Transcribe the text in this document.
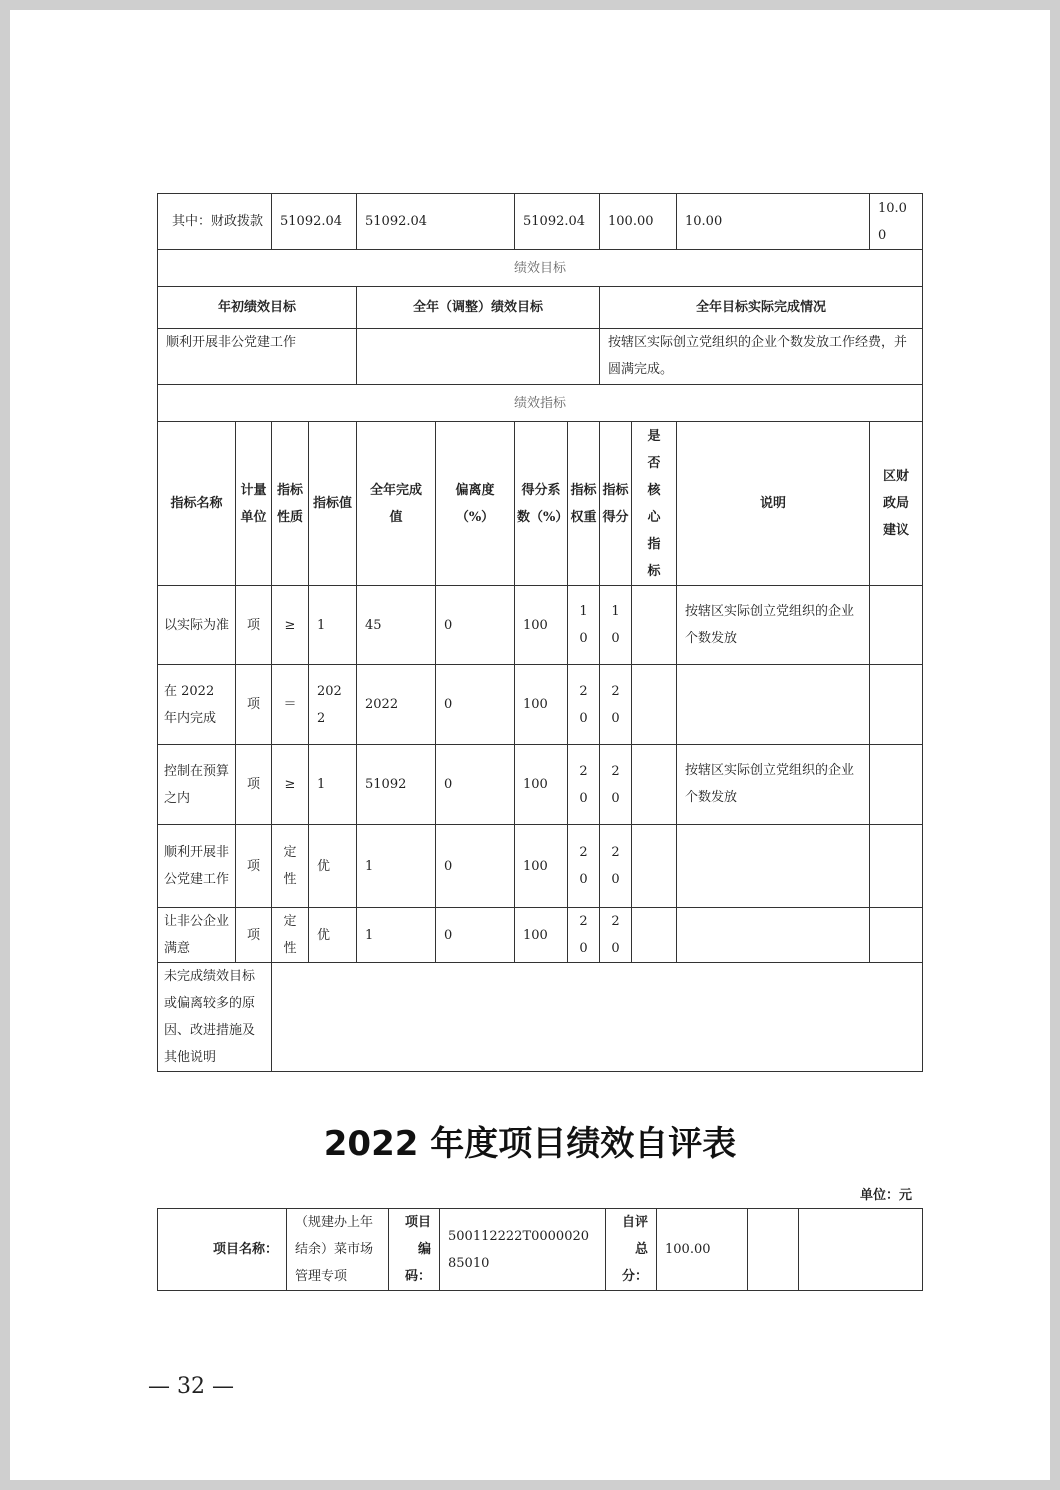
其中：财政拨款	51092.04	51092.04	51092.04	100.00	10.00	10.00
绩效目标						
年初绩效目标		全年（调整）绩效目标		全年目标实际完成情况		
顺利开展非公党建工作				按辖区实际创立党组织的企业个数发放工作经费，并圆满完成。		
绩效指标						
指标名称	计量单位	指标性质	指标值	全年完成值	偏离度（%）	得分系数（%）	指标权重	指标得分	是否核心指标	说明	区财政局建议
以实际为准	项	≥	1	45	0	100	10	10		按辖区实际创立党组织的企业个数发放	
在 2022 年内完成	项	＝	2022	2022	0	100	20	20			
控制在预算之内	项	≥	1	51092	0	100	20	20		按辖区实际创立党组织的企业个数发放	
顺利开展非公党建工作	项	定性	优	1	0	100	20	20			
让非公企业满意	项	定性	优	1	0	100	20	20			
未完成绩效目标或偏离较多的原因、改进措施及其他说明											
2022 年度项目绩效自评表
单位：元
项目名称：	（规建办上年结余）菜市场管理专项	项目编码：	500112222T000002085010	自评总分：	100.00		
— 32 —
